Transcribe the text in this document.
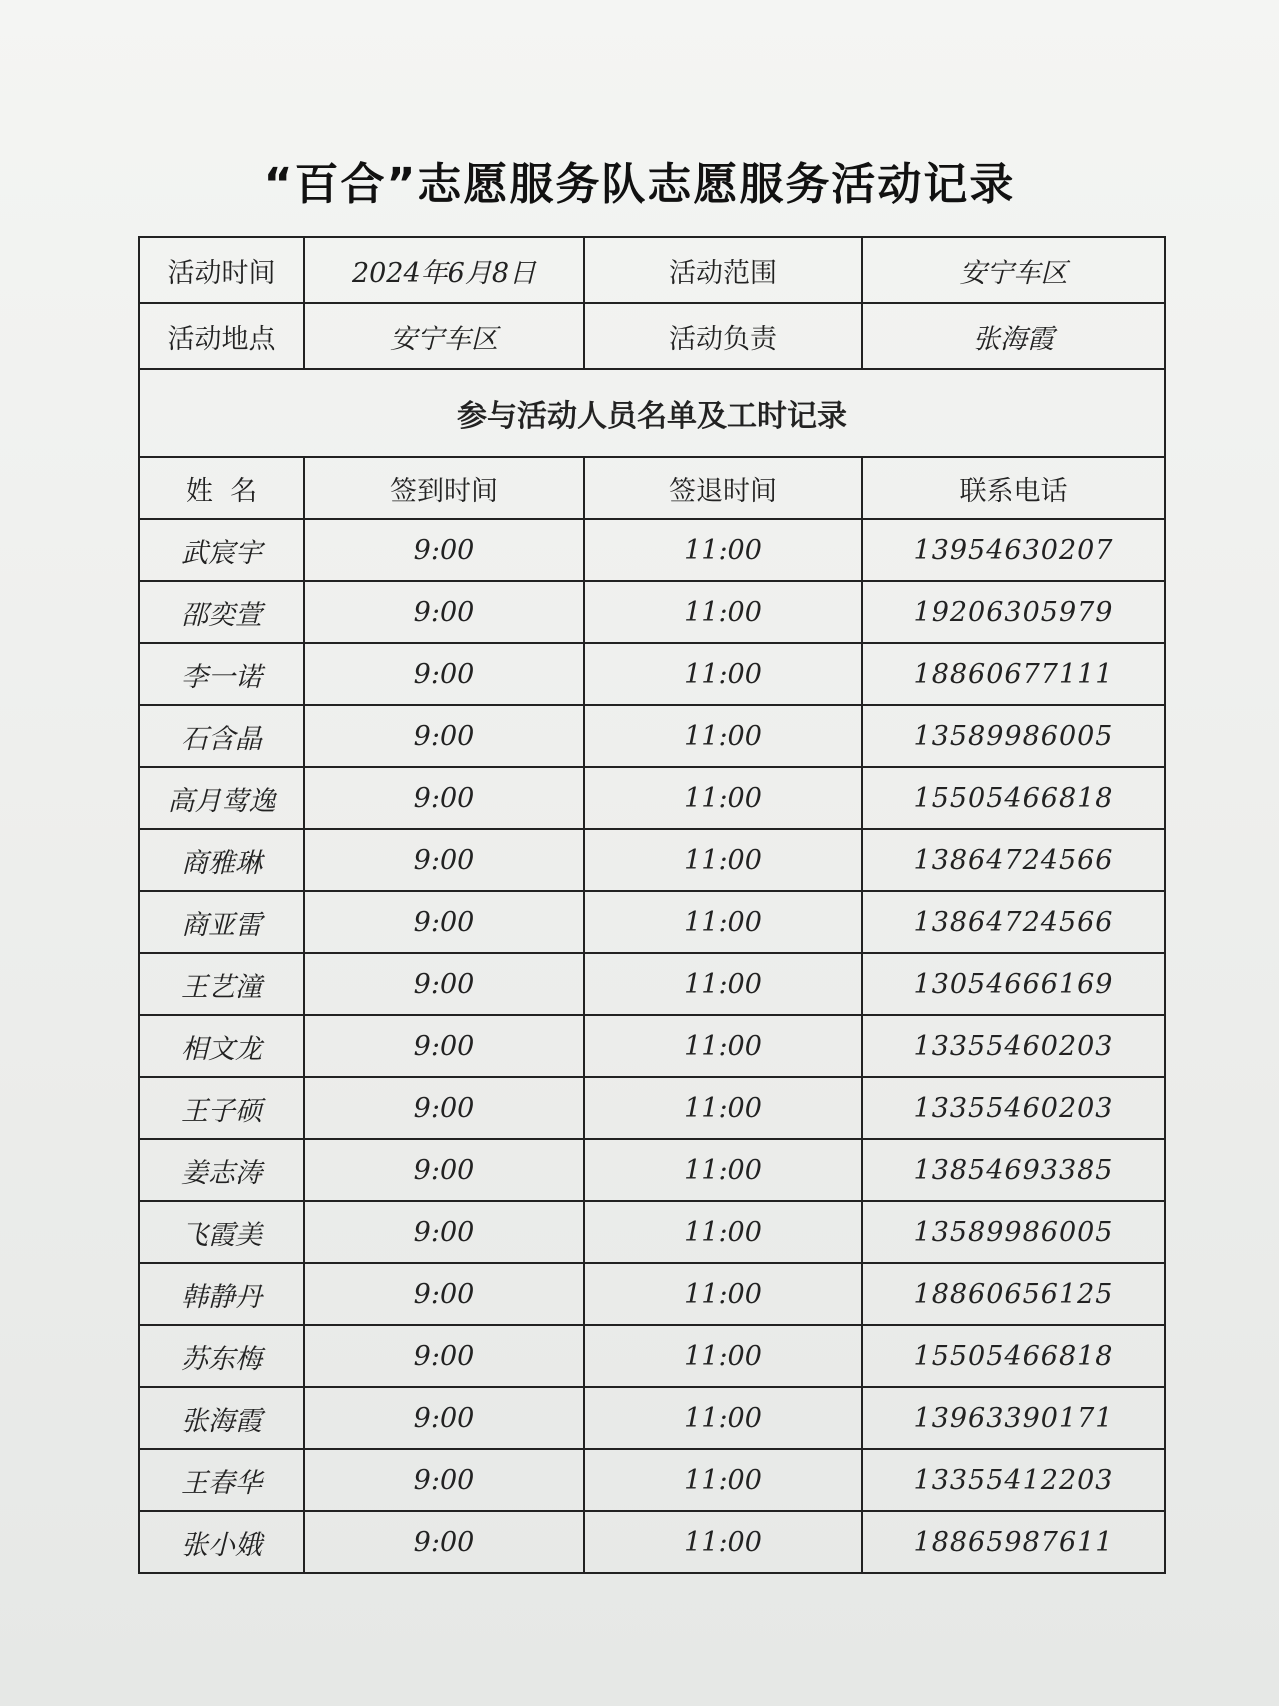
“百合”志愿服务队志愿服务活动记录
活动时间	2024年6月8日	活动范围	安宁车区
活动地点	安宁车区	活动负责	张海霞
参与活动人员名单及工时记录			
姓  名	签到时间	签退时间	联系电话
武宸宇	9:00	11:00	13954630207
邵奕萱	9:00	11:00	19206305979
李一诺	9:00	11:00	18860677111
石含晶	9:00	11:00	13589986005
高月莺逸	9:00	11:00	15505466818
商雅琳	9:00	11:00	13864724566
商亚雷	9:00	11:00	13864724566
王艺潼	9:00	11:00	13054666169
相文龙	9:00	11:00	13355460203
王子硕	9:00	11:00	13355460203
姜志涛	9:00	11:00	13854693385
飞霞美	9:00	11:00	13589986005
韩静丹	9:00	11:00	18860656125
苏东梅	9:00	11:00	15505466818
张海霞	9:00	11:00	13963390171
王春华	9:00	11:00	13355412203
张小娥	9:00	11:00	18865987611
